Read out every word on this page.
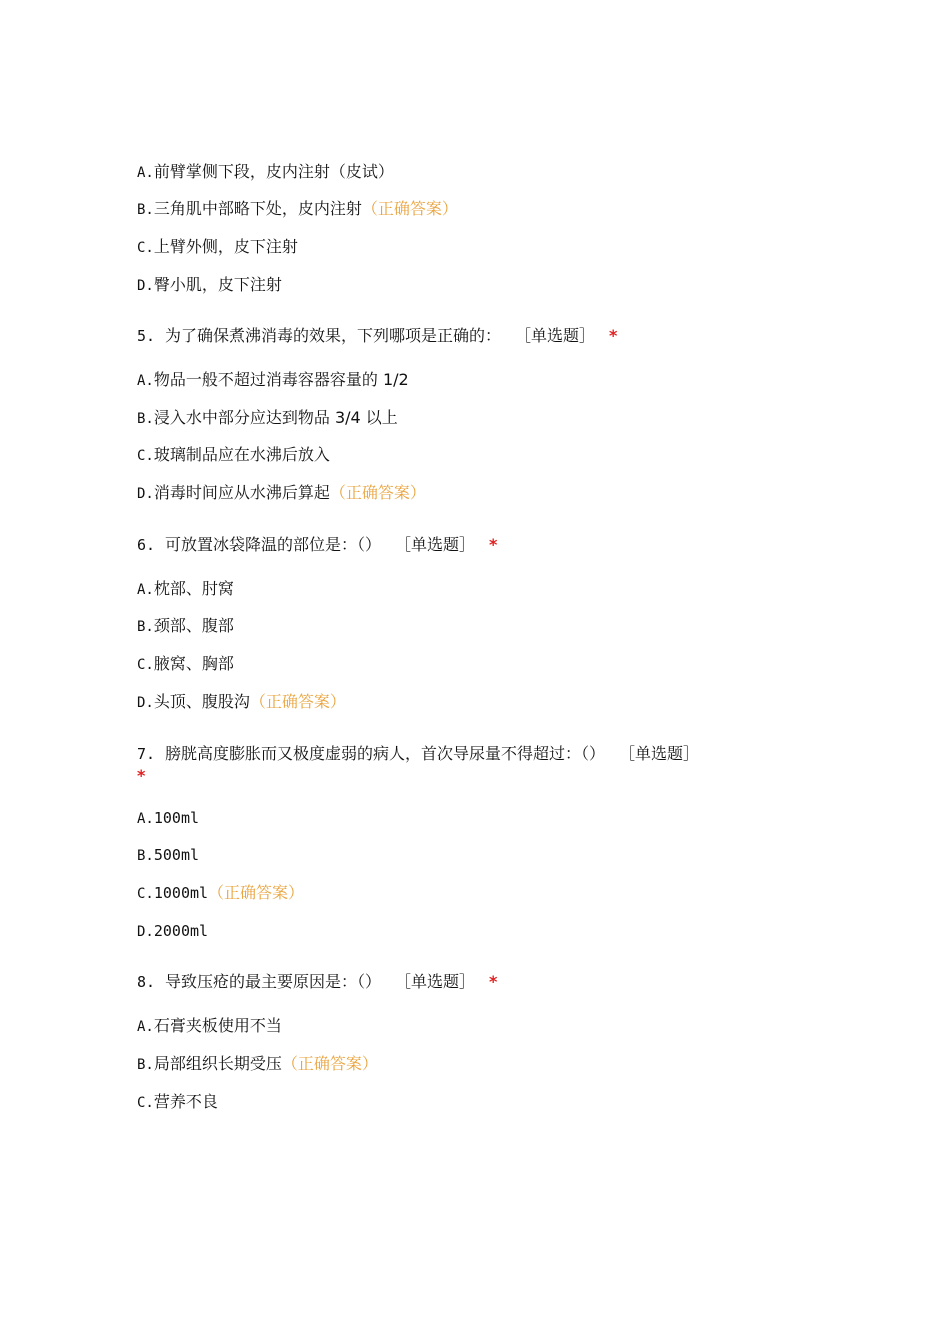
A.前臂掌侧下段，皮内注射（皮试）
B.三角肌中部略下处，皮内注射（正确答案）
C.上臂外侧，皮下注射
D.臀小肌，皮下注射
5. 为了确保煮沸消毒的效果，下列哪项是正确的： ［单选题］ *
A.物品一般不超过消毒容器容量的 1/2
B.浸入水中部分应达到物品 3/4 以上
C.玻璃制品应在水沸后放入
D.消毒时间应从水沸后算起（正确答案）
6. 可放置冰袋降温的部位是：（） ［单选题］ *
A.枕部、肘窝
B.颈部、腹部
C.腋窝、胸部
D.头顶、腹股沟（正确答案）
7. 膀胱高度膨胀而又极度虚弱的病人，首次导尿量不得超过：（） ［单选题］
*
A.100ml
B.500ml
C.1000ml（正确答案）
D.2000ml
8. 导致压疮的最主要原因是：（） ［单选题］ *
A.石膏夹板使用不当
B.局部组织长期受压（正确答案）
C.营养不良
